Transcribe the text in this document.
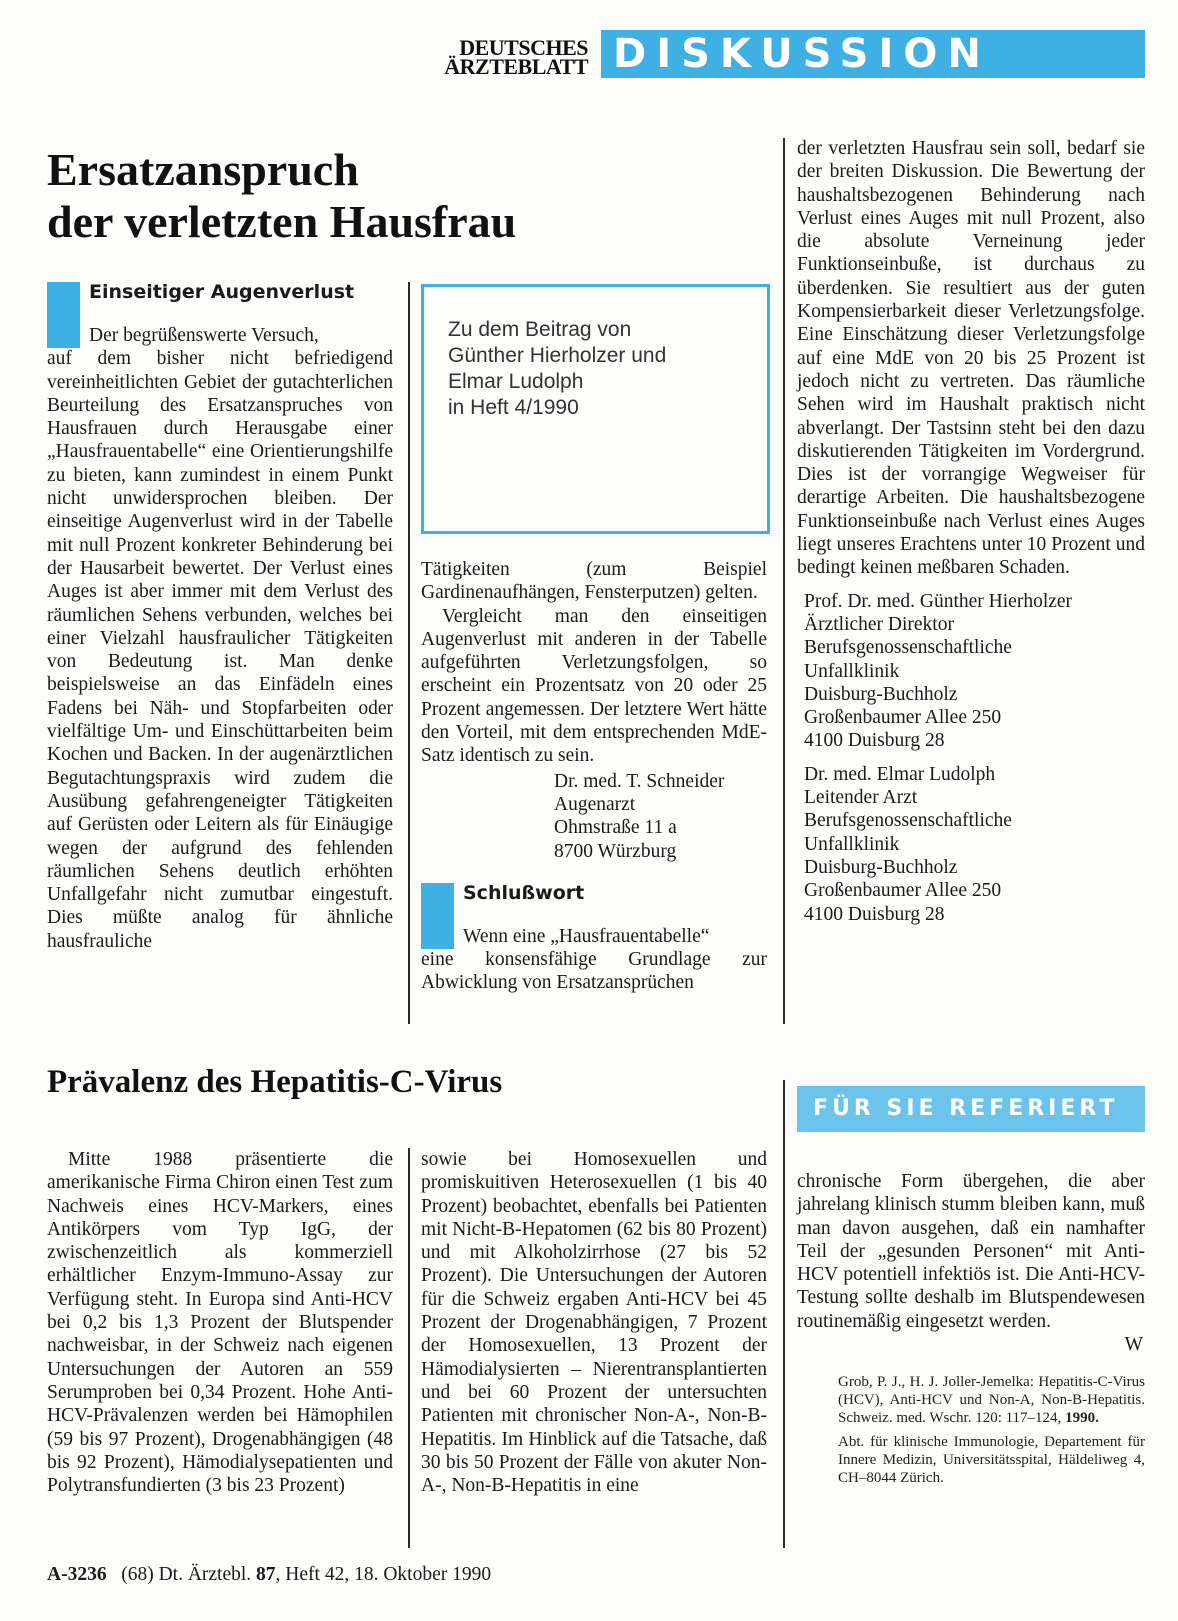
DEUTSCHES
ÄRZTEBLATT DISKUSSION
Ersatzanspruch
der verletzten Hausfrau
Einseitiger Augenverlust

Der begrüßenswerte Versuch,

auf dem bisher nicht befriedigend vereinheitlichten Gebiet der gutachterlichen Beurteilung des Ersatzanspruches von Hausfrauen durch Herausgabe einer „Hausfrauentabelle“ eine Orientierungshilfe zu bieten, kann zumindest in einem Punkt nicht unwidersprochen bleiben. Der einseitige Augenverlust wird in der Tabelle mit null Prozent konkreter Behinderung bei der Hausarbeit bewertet. Der Verlust eines Auges ist aber immer mit dem Verlust des räumlichen Sehens verbunden, welches bei einer Vielzahl hausfraulicher Tätigkeiten von Bedeutung ist. Man denke beispielsweise an das Einfädeln eines Fadens bei Näh- und Stopfarbeiten oder vielfältige Um- und Einschüttarbeiten beim Kochen und Backen. In der augenärztlichen Begutachtungspraxis wird zudem die Ausübung gefahrengeneigter Tätigkeiten auf Gerüsten oder Leitern als für Einäugige wegen der aufgrund des fehlenden räumlichen Sehens deutlich erhöhten Unfallgefahr nicht zumutbar eingestuft. Dies müßte analog für ähnliche hausfrauliche

Zu dem Beitrag von
Günther Hierholzer und
Elmar Ludolph
in Heft 4/1990

Tätigkeiten (zum Beispiel Gardinenaufhängen, Fensterputzen) gelten.

Vergleicht man den einseitigen Augenverlust mit anderen in der Tabelle aufgeführten Verletzungsfolgen, so erscheint ein Prozentsatz von 20 oder 25 Prozent angemessen. Der letztere Wert hätte den Vorteil, mit dem entsprechenden MdE-Satz identisch zu sein.

Dr. med. T. Schneider
Augenarzt
Ohmstraße 11 a
8700 Würzburg
Schlußwort

Wenn eine „Hausfrauentabelle“

eine konsensfähige Grundlage zur Abwicklung von Ersatzansprüchen

der verletzten Hausfrau sein soll, bedarf sie der breiten Diskussion. Die Bewertung der haushaltsbezogenen Behinderung nach Verlust eines Auges mit null Prozent, also die absolute Verneinung jeder Funktionseinbuße, ist durchaus zu überdenken. Sie resultiert aus der guten Kompensierbarkeit dieser Verletzungsfolge. Eine Einschätzung dieser Verletzungsfolge auf eine MdE von 20 bis 25 Prozent ist jedoch nicht zu vertreten. Das räumliche Sehen wird im Haushalt praktisch nicht abverlangt. Der Tastsinn steht bei den dazu diskutierenden Tätigkeiten im Vordergrund. Dies ist der vorrangige Wegweiser für derartige Arbeiten. Die haushaltsbezogene Funktionseinbuße nach Verlust eines Auges liegt unseres Erachtens unter 10 Prozent und bedingt keinen meßbaren Schaden.

Prof. Dr. med. Günther Hierholzer
Ärztlicher Direktor
Berufsgenossenschaftliche
Unfallklinik
Duisburg-Buchholz
Großenbaumer Allee 250
4100 Duisburg 28
Dr. med. Elmar Ludolph
Leitender Arzt
Berufsgenossenschaftliche
Unfallklinik
Duisburg-Buchholz
Großenbaumer Allee 250
4100 Duisburg 28
Prävalenz des Hepatitis-C-Virus
FÜR SIE REFERIERT

Mitte 1988 präsentierte die amerikanische Firma Chiron einen Test zum Nachweis eines HCV-Markers, eines Antikörpers vom Typ IgG, der zwischenzeitlich als kommerziell erhältlicher Enzym-Immuno-Assay zur Verfügung steht. In Europa sind Anti-HCV bei 0,2 bis 1,3 Prozent der Blutspender nachweisbar, in der Schweiz nach eigenen Untersuchungen der Autoren an 559 Serumproben bei 0,34 Prozent. Hohe Anti-HCV-Prävalenzen werden bei Hämophilen (59 bis 97 Prozent), Drogenabhängigen (48 bis 92 Prozent), Hämodialysepatienten und Polytransfundierten (3 bis 23 Prozent)

sowie bei Homosexuellen und promiskuitiven Heterosexuellen (1 bis 40 Prozent) beobachtet, ebenfalls bei Patienten mit Nicht-B-Hepatomen (62 bis 80 Prozent) und mit Alkoholzirrhose (27 bis 52 Prozent). Die Untersuchungen der Autoren für die Schweiz ergaben Anti-HCV bei 45 Prozent der Drogenabhängigen, 7 Prozent der Homosexuellen, 13 Prozent der Hämodialysierten – Nierentransplantierten und bei 60 Prozent der untersuchten Patienten mit chronischer Non-A-, Non-B-Hepatitis. Im Hinblick auf die Tatsache, daß 30 bis 50 Prozent der Fälle von akuter Non-A-, Non-B-Hepatitis in eine

chronische Form übergehen, die aber jahrelang klinisch stumm bleiben kann, muß man davon ausgehen, daß ein namhafter Teil der „gesunden Personen“ mit Anti-HCV potentiell infektiös ist. Die Anti-HCV-Testung sollte deshalb im Blutspendewesen routinemäßig eingesetzt werden.

W

Grob, P. J., H. J. Joller-Jemelka: Hepatitis-C-Virus (HCV), Anti-HCV und Non-A, Non-B-Hepatitis. Schweiz. med. Wschr. 120: 117–124, 1990.

Abt. für klinische Immunologie, Departement für Innere Medizin, Universitätsspital, Häldeliweg 4, CH–8044 Zürich.

A-3236 (68) Dt. Ärztebl. 87, Heft 42, 18. Oktober 1990
